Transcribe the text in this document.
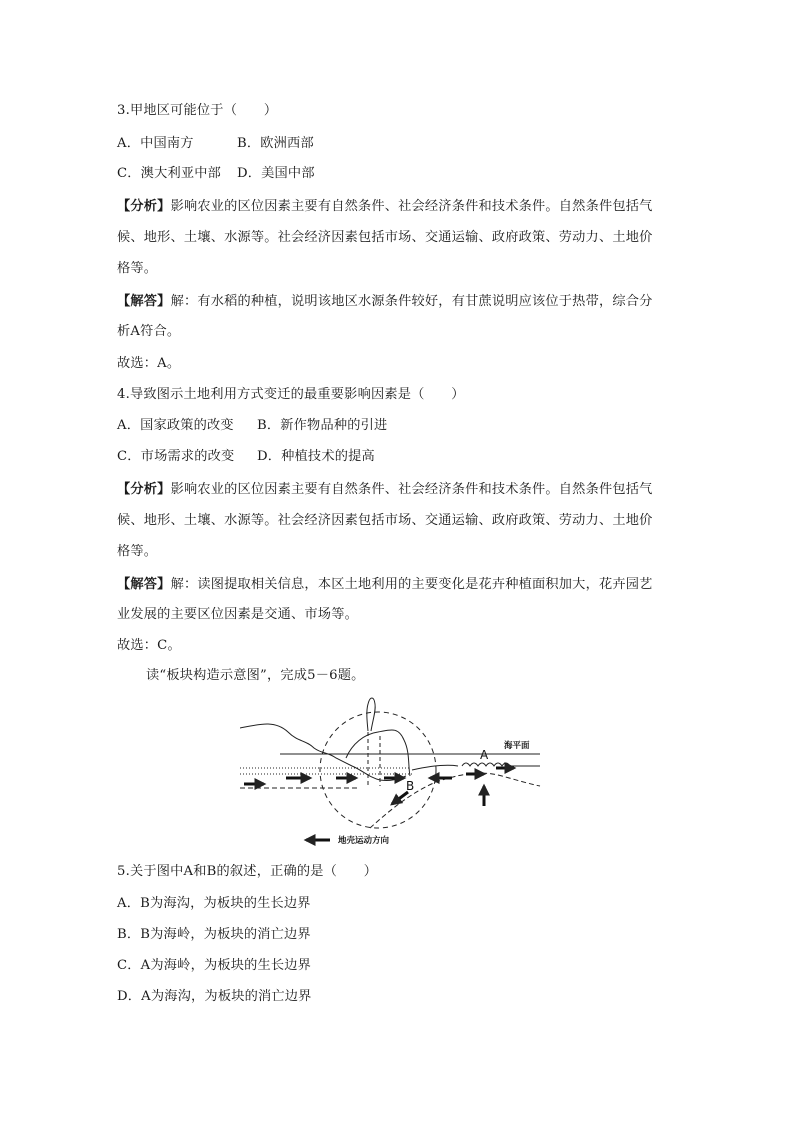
3.甲地区可能位于（　　）
A．中国南方	B．欧洲西部
C．澳大利亚中部 D．美国中部
【分析】影响农业的区位因素主要有自然条件、社会经济条件和技术条件。自然条件包括气
候、地形、土壤、水源等。社会经济因素包括市场、交通运输、政府政策、劳动力、土地价
格等。
【解答】解：有水稻的种植，说明该地区水源条件较好，有甘蔗说明应该位于热带，综合分
析A符合。
故选：A。
4.导致图示土地利用方式变迁的最重要影响因素是（　　）
A．国家政策的改变 B．新作物品种的引进
C．市场需求的改变 D．种植技术的提高
【分析】影响农业的区位因素主要有自然条件、社会经济条件和技术条件。自然条件包括气
候、地形、土壤、水源等。社会经济因素包括市场、交通运输、政府政策、劳动力、土地价
格等。
【解答】解：读图提取相关信息，本区土地利用的主要变化是花卉种植面积加大，花卉园艺
业发展的主要区位因素是交通、市场等。
故选：C。
读“板块构造示意图”，完成5－6题。
A
B
海平面
地壳运动方向
5.关于图中A和B的叙述，正确的是（　　）
A．B为海沟，为板块的生长边界
B．B为海岭，为板块的消亡边界
C．A为海岭，为板块的生长边界
D．A为海沟，为板块的消亡边界
